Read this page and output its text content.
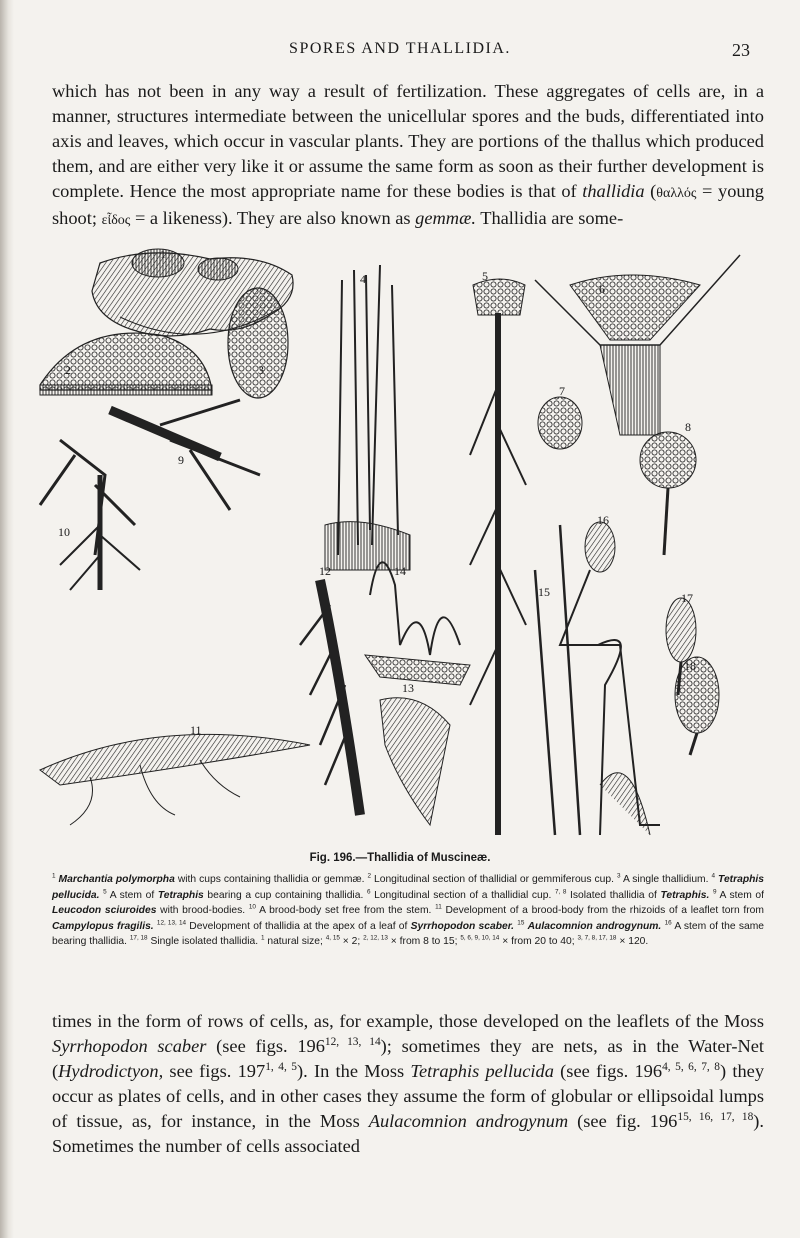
SPORES AND THALLIDIA.	23

which has not been in any way a result of fertilization. These aggregates of cells are, in a manner, structures intermediate between the unicellular spores and the buds, differentiated into axis and leaves, which occur in vascular plants. They are portions of the thallus which produced them, and are either very like it or assume the same form as soon as their further development is complete. Hence the most appropriate name for these bodies is that of thallidia (θαλλός = young shoot; εἶδος = a likeness). They are also known as gemmæ. Thallidia are some-

1
2	3
4	5
6
7
8
9
10
11
12
13
14
15
16
17
18
Fig. 196.—Thallidia of Muscineæ.
$^1$ Marchantia polymorpha with cups containing thallidia or gemmæ. $^2$ Longitudinal section of thallidial or gemmiferous cup. $^3$ A single thallidium. $^4$ Tetraphis pellucida. $^5$ A stem of Tetraphis bearing a cup containing thallidia. $^6$ Longitudinal section of a thallidial cup. $^{7, 8}$ Isolated thallidia of Tetraphis. $^9$ A stem of Leucodon sciuroides with brood-bodies. $^{10}$ A brood-body set free from the stem. $^{11}$ Development of a brood-body from the rhizoids of a leaflet torn from Campylopus fragilis. $^{12, 13, 14}$ Development of thallidia at the apex of a leaf of Syrrhopodon scaber. $^{15}$ Aulacomnion androgynum. $^{16}$ A stem of the same bearing thallidia. $^{17, 18}$ Single isolated thallidia. $^1$ natural size; $^{4, 15}$ × 2; $^{2, 12, 13}$ × from 8 to 15; $^{5, 6, 9, 10, 14}$ × from 20 to 40; $^{3, 7, 8, 17, 18}$ × 120.

times in the form of rows of cells, as, for example, those developed on the leaflets of the Moss Syrrhopodon scaber (see figs. 196$^{12, 13, 14}$); sometimes they are nets, as in the Water-Net (Hydrodictyon, see figs. 197$^{1, 4, 5}$). In the Moss Tetraphis pellucida (see figs. 196$^{4, 5, 6, 7, 8}$) they occur as plates of cells, and in other cases they assume the form of globular or ellipsoidal lumps of tissue, as, for instance, in the Moss Aulacomnion androgynum (see fig. 196$^{15, 16, 17, 18}$). Sometimes the number of cells associated
